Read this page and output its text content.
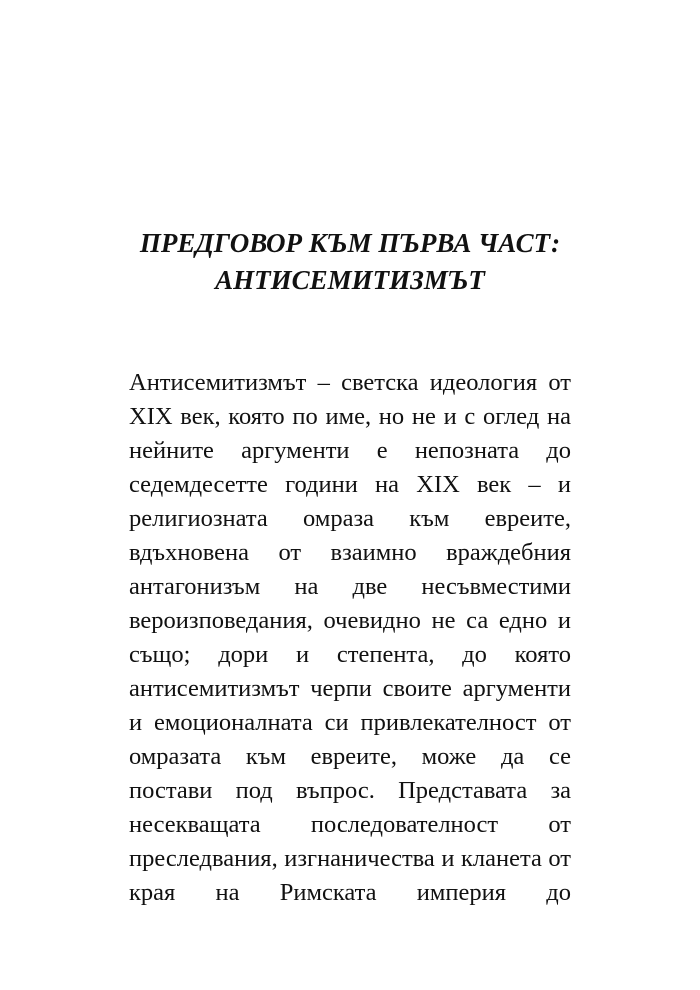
ПРЕДГОВОР КЪМ ПЪРВА ЧАСТ:
АНТИСЕМИТИЗМЪТ
Антисемитизмът – светска идеология от
XIX век, която по име, но не и с оглед на
нейните аргументи е непозната до
седемдесетте години на XIX век – и
религиозната омраза към евреите,
вдъхновена от взаимно враждебния
антагонизъм на две несъвместими
вероизповедания, очевидно не са едно и
също; дори и степента, до която
антисемитизмът черпи своите аргументи
и емоционалната си привлекателност от
омразата към евреите, може да се
постави под въпрос. Представата за
несекващата последователност от
преследвания, изгнаничества и кланета от
края на Римската империя до
